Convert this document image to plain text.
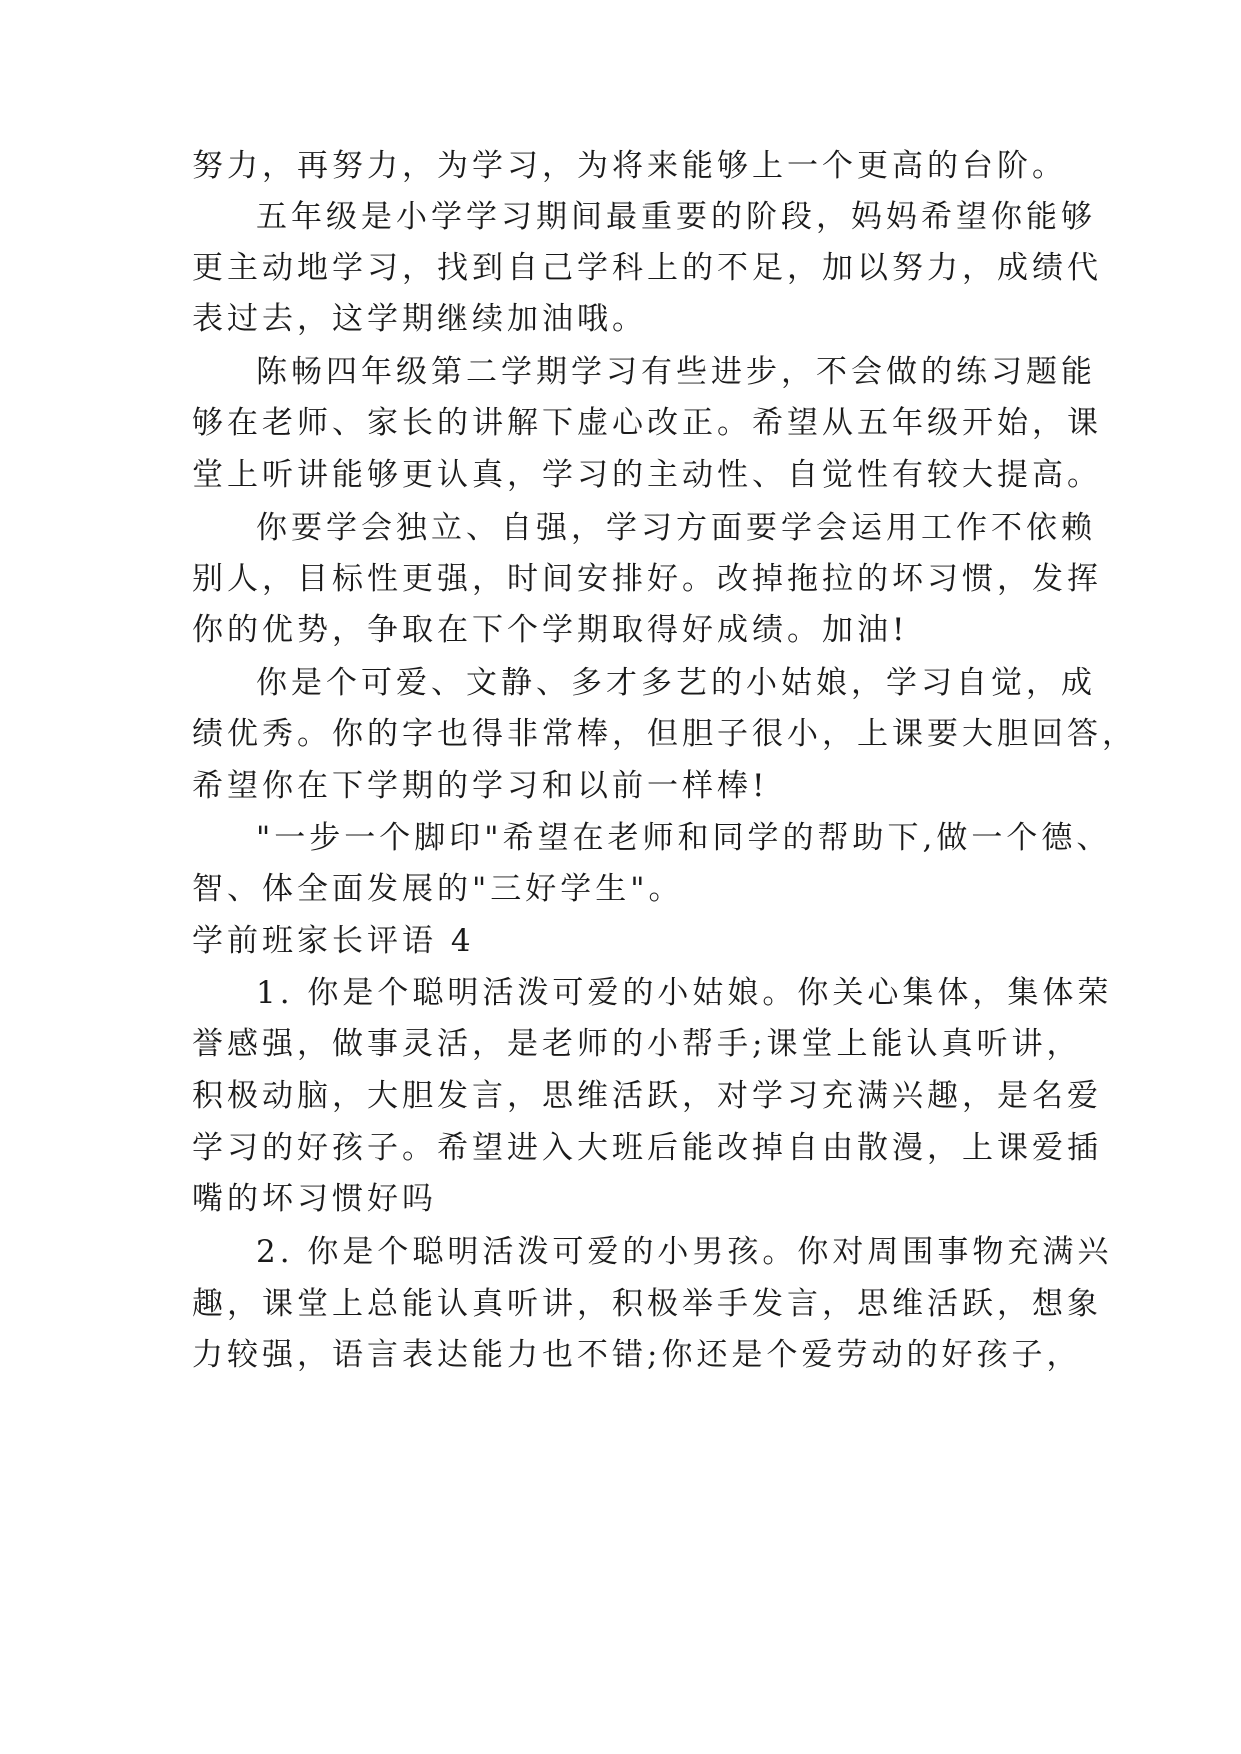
努力，再努力，为学习，为将来能够上一个更高的台阶。
五年级是小学学习期间最重要的阶段，妈妈希望你能够
更主动地学习，找到自己学科上的不足，加以努力，成绩代
表过去，这学期继续加油哦。
陈畅四年级第二学期学习有些进步，不会做的练习题能
够在老师、家长的讲解下虚心改正。希望从五年级开始，课
堂上听讲能够更认真，学习的主动性、自觉性有较大提高。
你要学会独立、自强，学习方面要学会运用工作不依赖
别人，目标性更强，时间安排好。改掉拖拉的坏习惯，发挥
你的优势，争取在下个学期取得好成绩。加油!
你是个可爱、文静、多才多艺的小姑娘，学习自觉，成
绩优秀。你的字也得非常棒，但胆子很小，上课要大胆回答，
希望你在下学期的学习和以前一样棒!
"一步一个脚印"希望在老师和同学的帮助下,做一个德、
智、体全面发展的"三好学生"。
学前班家长评语 4
1. 你是个聪明活泼可爱的小姑娘。你关心集体，集体荣
誉感强，做事灵活，是老师的小帮手;课堂上能认真听讲，
积极动脑，大胆发言，思维活跃，对学习充满兴趣，是名爱
学习的好孩子。希望进入大班后能改掉自由散漫，上课爱插
嘴的坏习惯好吗
2. 你是个聪明活泼可爱的小男孩。你对周围事物充满兴
趣，课堂上总能认真听讲，积极举手发言，思维活跃，想象
力较强，语言表达能力也不错;你还是个爱劳动的好孩子，
